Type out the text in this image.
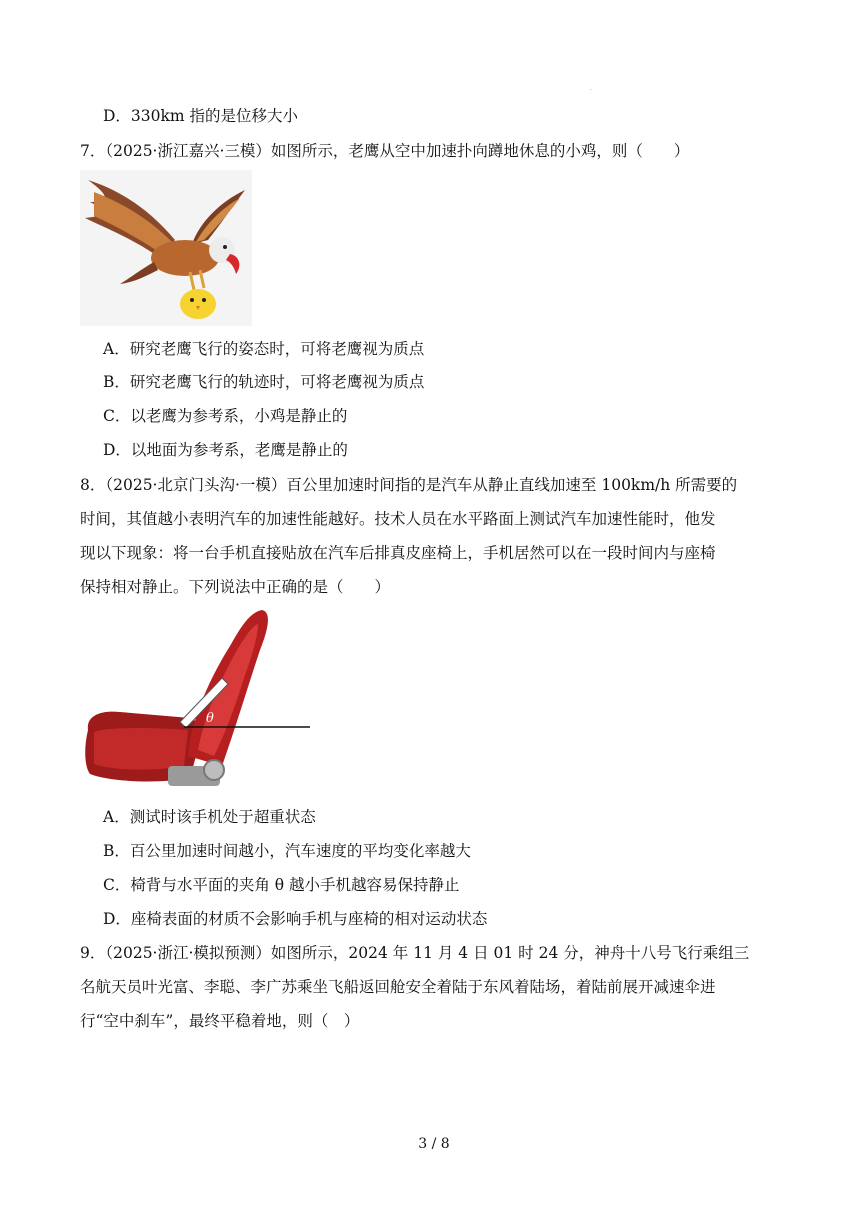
.
D．330km 指的是位移大小
7．（2025·浙江嘉兴·三模）如图所示，老鹰从空中加速扑向蹲地休息的小鸡，则（　　）
A．研究老鹰飞行的姿态时，可将老鹰视为质点
B．研究老鹰飞行的轨迹时，可将老鹰视为质点
C．以老鹰为参考系，小鸡是静止的
D．以地面为参考系，老鹰是静止的
8．（2025·北京门头沟·一模）百公里加速时间指的是汽车从静止直线加速至 100km/h 所需要的
时间，其值越小表明汽车的加速性能越好。技术人员在水平路面上测试汽车加速性能时，他发
现以下现象：将一台手机直接贴放在汽车后排真皮座椅上，手机居然可以在一段时间内与座椅
保持相对静止。下列说法中正确的是（　　）
θ
A．测试时该手机处于超重状态
B．百公里加速时间越小，汽车速度的平均变化率越大
C．椅背与水平面的夹角 θ 越小手机越容易保持静止
D．座椅表面的材质不会影响手机与座椅的相对运动状态
9．（2025·浙江·模拟预测）如图所示，2024 年 11 月 4 日 01 时 24 分，神舟十八号飞行乘组三
名航天员叶光富、李聪、李广苏乘坐飞船返回舱安全着陆于东风着陆场，着陆前展开减速伞进
行“空中刹车”，最终平稳着地，则（　）
3 / 8
